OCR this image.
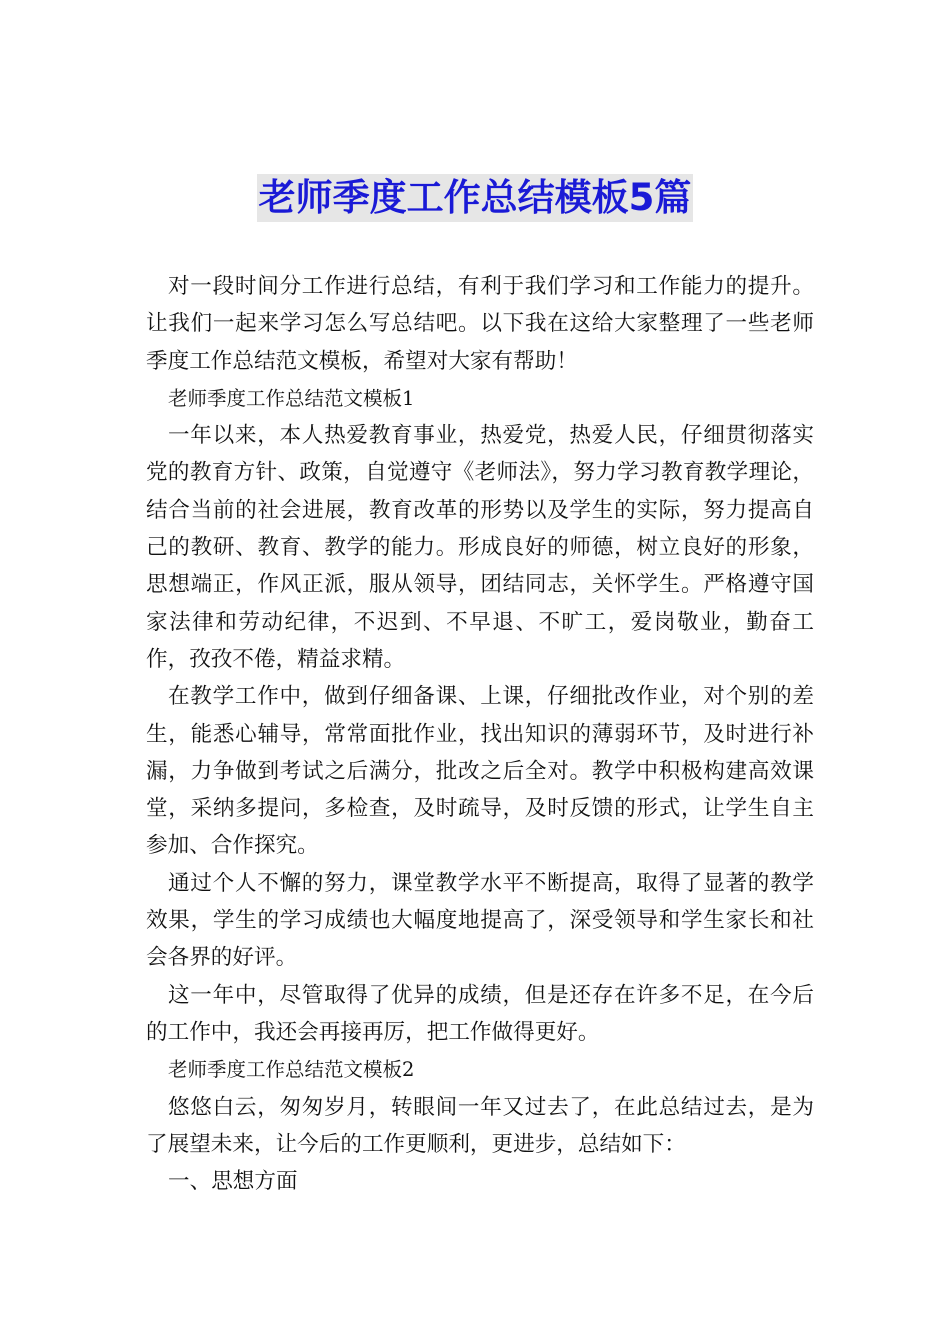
老师季度工作总结模板5篇

对一段时间分工作进行总结，有利于我们学习和工作能力的提升。让我们一起来学习怎么写总结吧。以下我在这给大家整理了一些老师季度工作总结范文模板，希望对大家有帮助！

老师季度工作总结范文模板1

一年以来，本人热爱教育事业，热爱党，热爱人民，仔细贯彻落实党的教育方针、政策，自觉遵守《老师法》，努力学习教育教学理论，结合当前的社会进展，教育改革的形势以及学生的实际，努力提高自己的教研、教育、教学的能力。形成良好的师德，树立良好的形象，思想端正，作风正派，服从领导，团结同志，关怀学生。严格遵守国家法律和劳动纪律，不迟到、不早退、不旷工，爱岗敬业，勤奋工作，孜孜不倦，精益求精。

在教学工作中，做到仔细备课、上课，仔细批改作业，对个别的差生，能悉心辅导，常常面批作业，找出知识的薄弱环节，及时进行补漏，力争做到考试之后满分，批改之后全对。教学中积极构建高效课堂，采纳多提问，多检查，及时疏导，及时反馈的形式，让学生自主参加、合作探究。

通过个人不懈的努力，课堂教学水平不断提高，取得了显著的教学效果，学生的学习成绩也大幅度地提高了，深受领导和学生家长和社会各界的好评。

这一年中，尽管取得了优异的成绩，但是还存在许多不足，在今后的工作中，我还会再接再厉，把工作做得更好。

老师季度工作总结范文模板2

悠悠白云，匆匆岁月，转眼间一年又过去了，在此总结过去，是为了展望未来，让今后的工作更顺利，更进步，总结如下：

一、思想方面
